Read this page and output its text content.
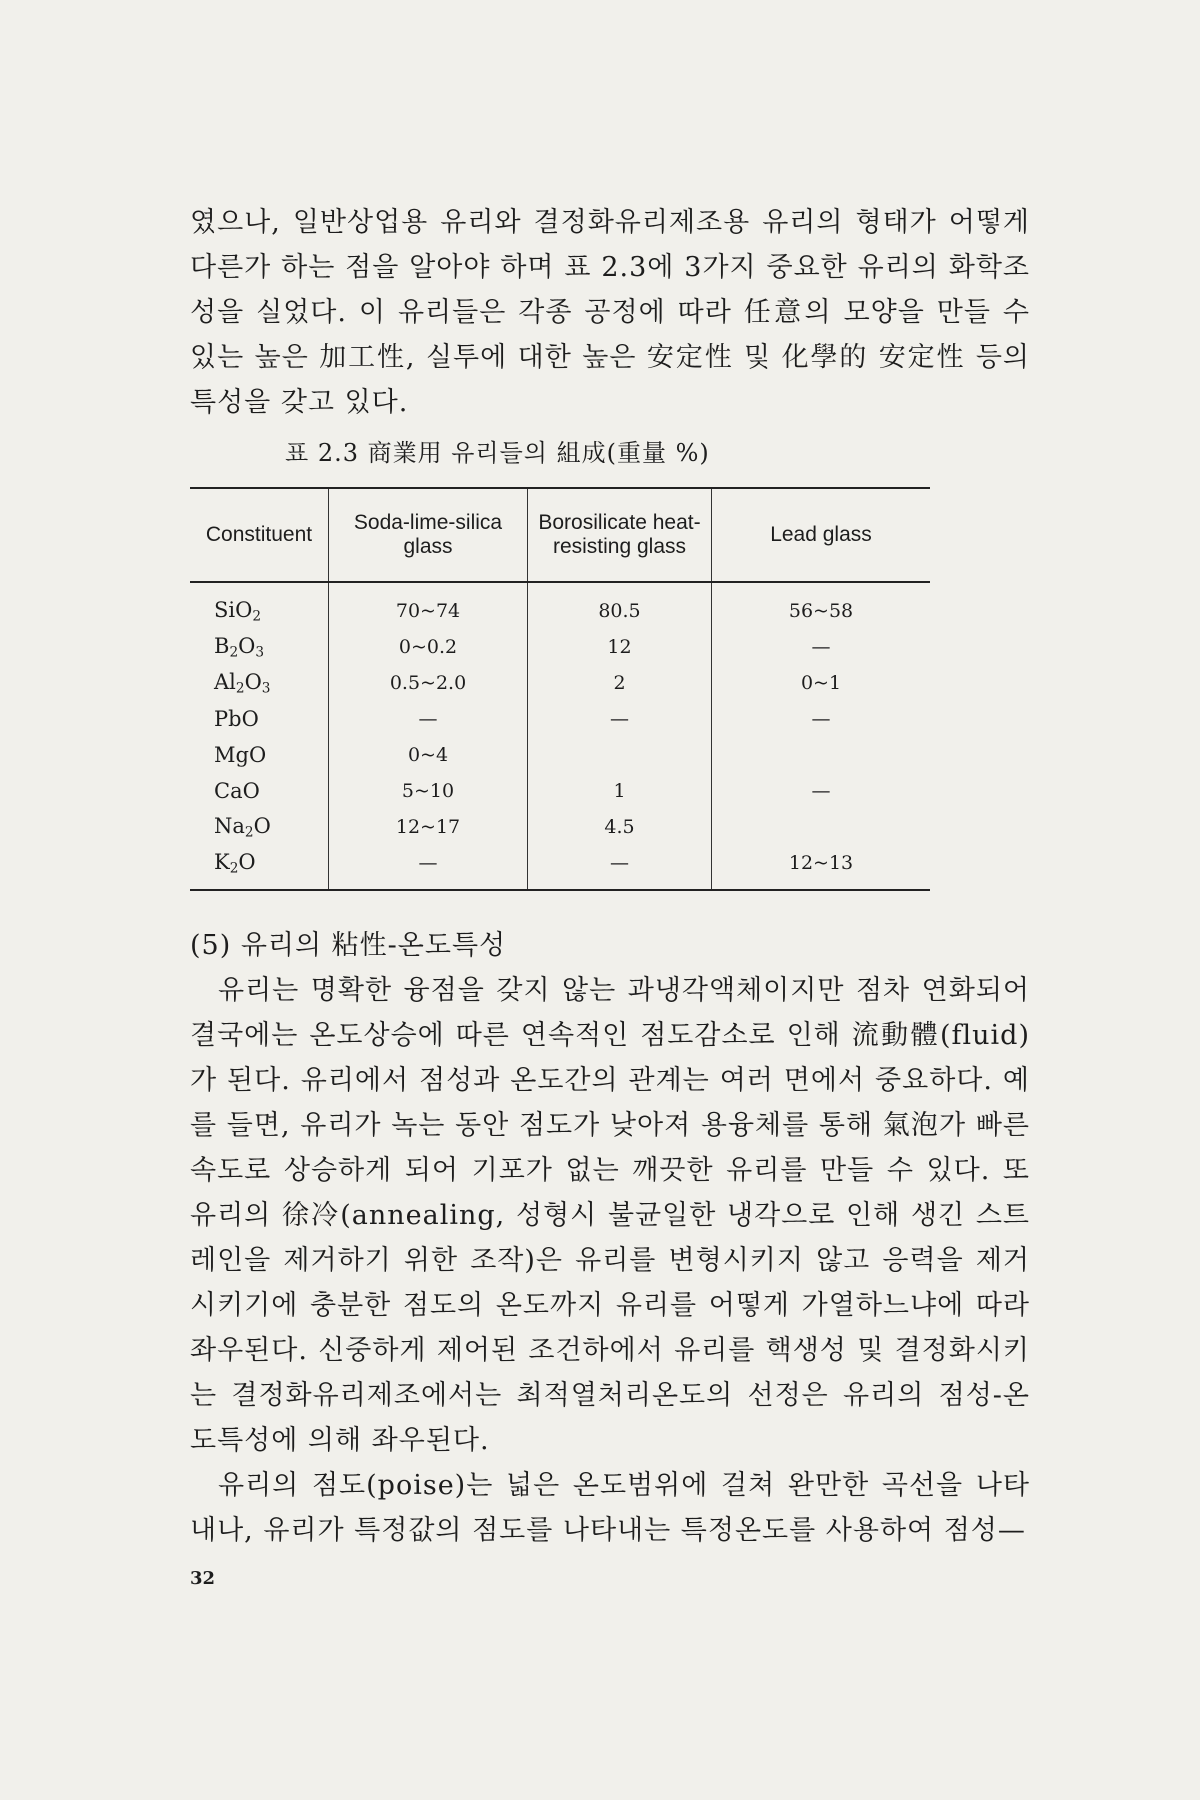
였으나, 일반상업용 유리와 결정화유리제조용 유리의 형태가 어떻게 다른가 하는 점을 알아야 하며 표 2.3에 3가지 중요한 유리의 화학조성을 실었다. 이 유리들은 각종 공정에 따라 任意의 모양을 만들 수 있는 높은 加工性, 실투에 대한 높은 安定性 및 化學的 安定性 등의 특성을 갖고 있다.

표 2.3 商業用 유리들의 組成(重量 %)
Constituent	Soda-lime-silica glass	Borosilicate heat-resisting glass	Lead glass
SiO$_2$	70~74	80.5	56~58
$B_2O_3$	0~0.2	12	—
$Al_2O_3$	0.5~2.0	2	0~1
PbO	—	—	—
MgO	0~4		
CaO	5~10	1	—
$Na_2O$	12~17	4.5	
$K_2O$	—	—	12~13
(5) 유리의 粘性-온도특성

유리는 명확한 융점을 갖지 않는 과냉각액체이지만 점차 연화되어 결국에는 온도상승에 따른 연속적인 점도감소로 인해 流動體(fluid)가 된다. 유리에서 점성과 온도간의 관계는 여러 면에서 중요하다. 예를 들면, 유리가 녹는 동안 점도가 낮아져 용융체를 통해 氣泡가 빠른 속도로 상승하게 되어 기포가 없는 깨끗한 유리를 만들 수 있다. 또 유리의 徐冷(annealing, 성형시 불균일한 냉각으로 인해 생긴 스트레인을 제거하기 위한 조작)은 유리를 변형시키지 않고 응력을 제거시키기에 충분한 점도의 온도까지 유리를 어떻게 가열하느냐에 따라 좌우된다. 신중하게 제어된 조건하에서 유리를 핵생성 및 결정화시키는 결정화유리제조에서는 최적열처리온도의 선정은 유리의 점성-온도특성에 의해 좌우된다.

유리의 점도(poise)는 넓은 온도범위에 걸쳐 완만한 곡선을 나타내나, 유리가 특정값의 점도를 나타내는 특정온도를 사용하여 점성—

32
